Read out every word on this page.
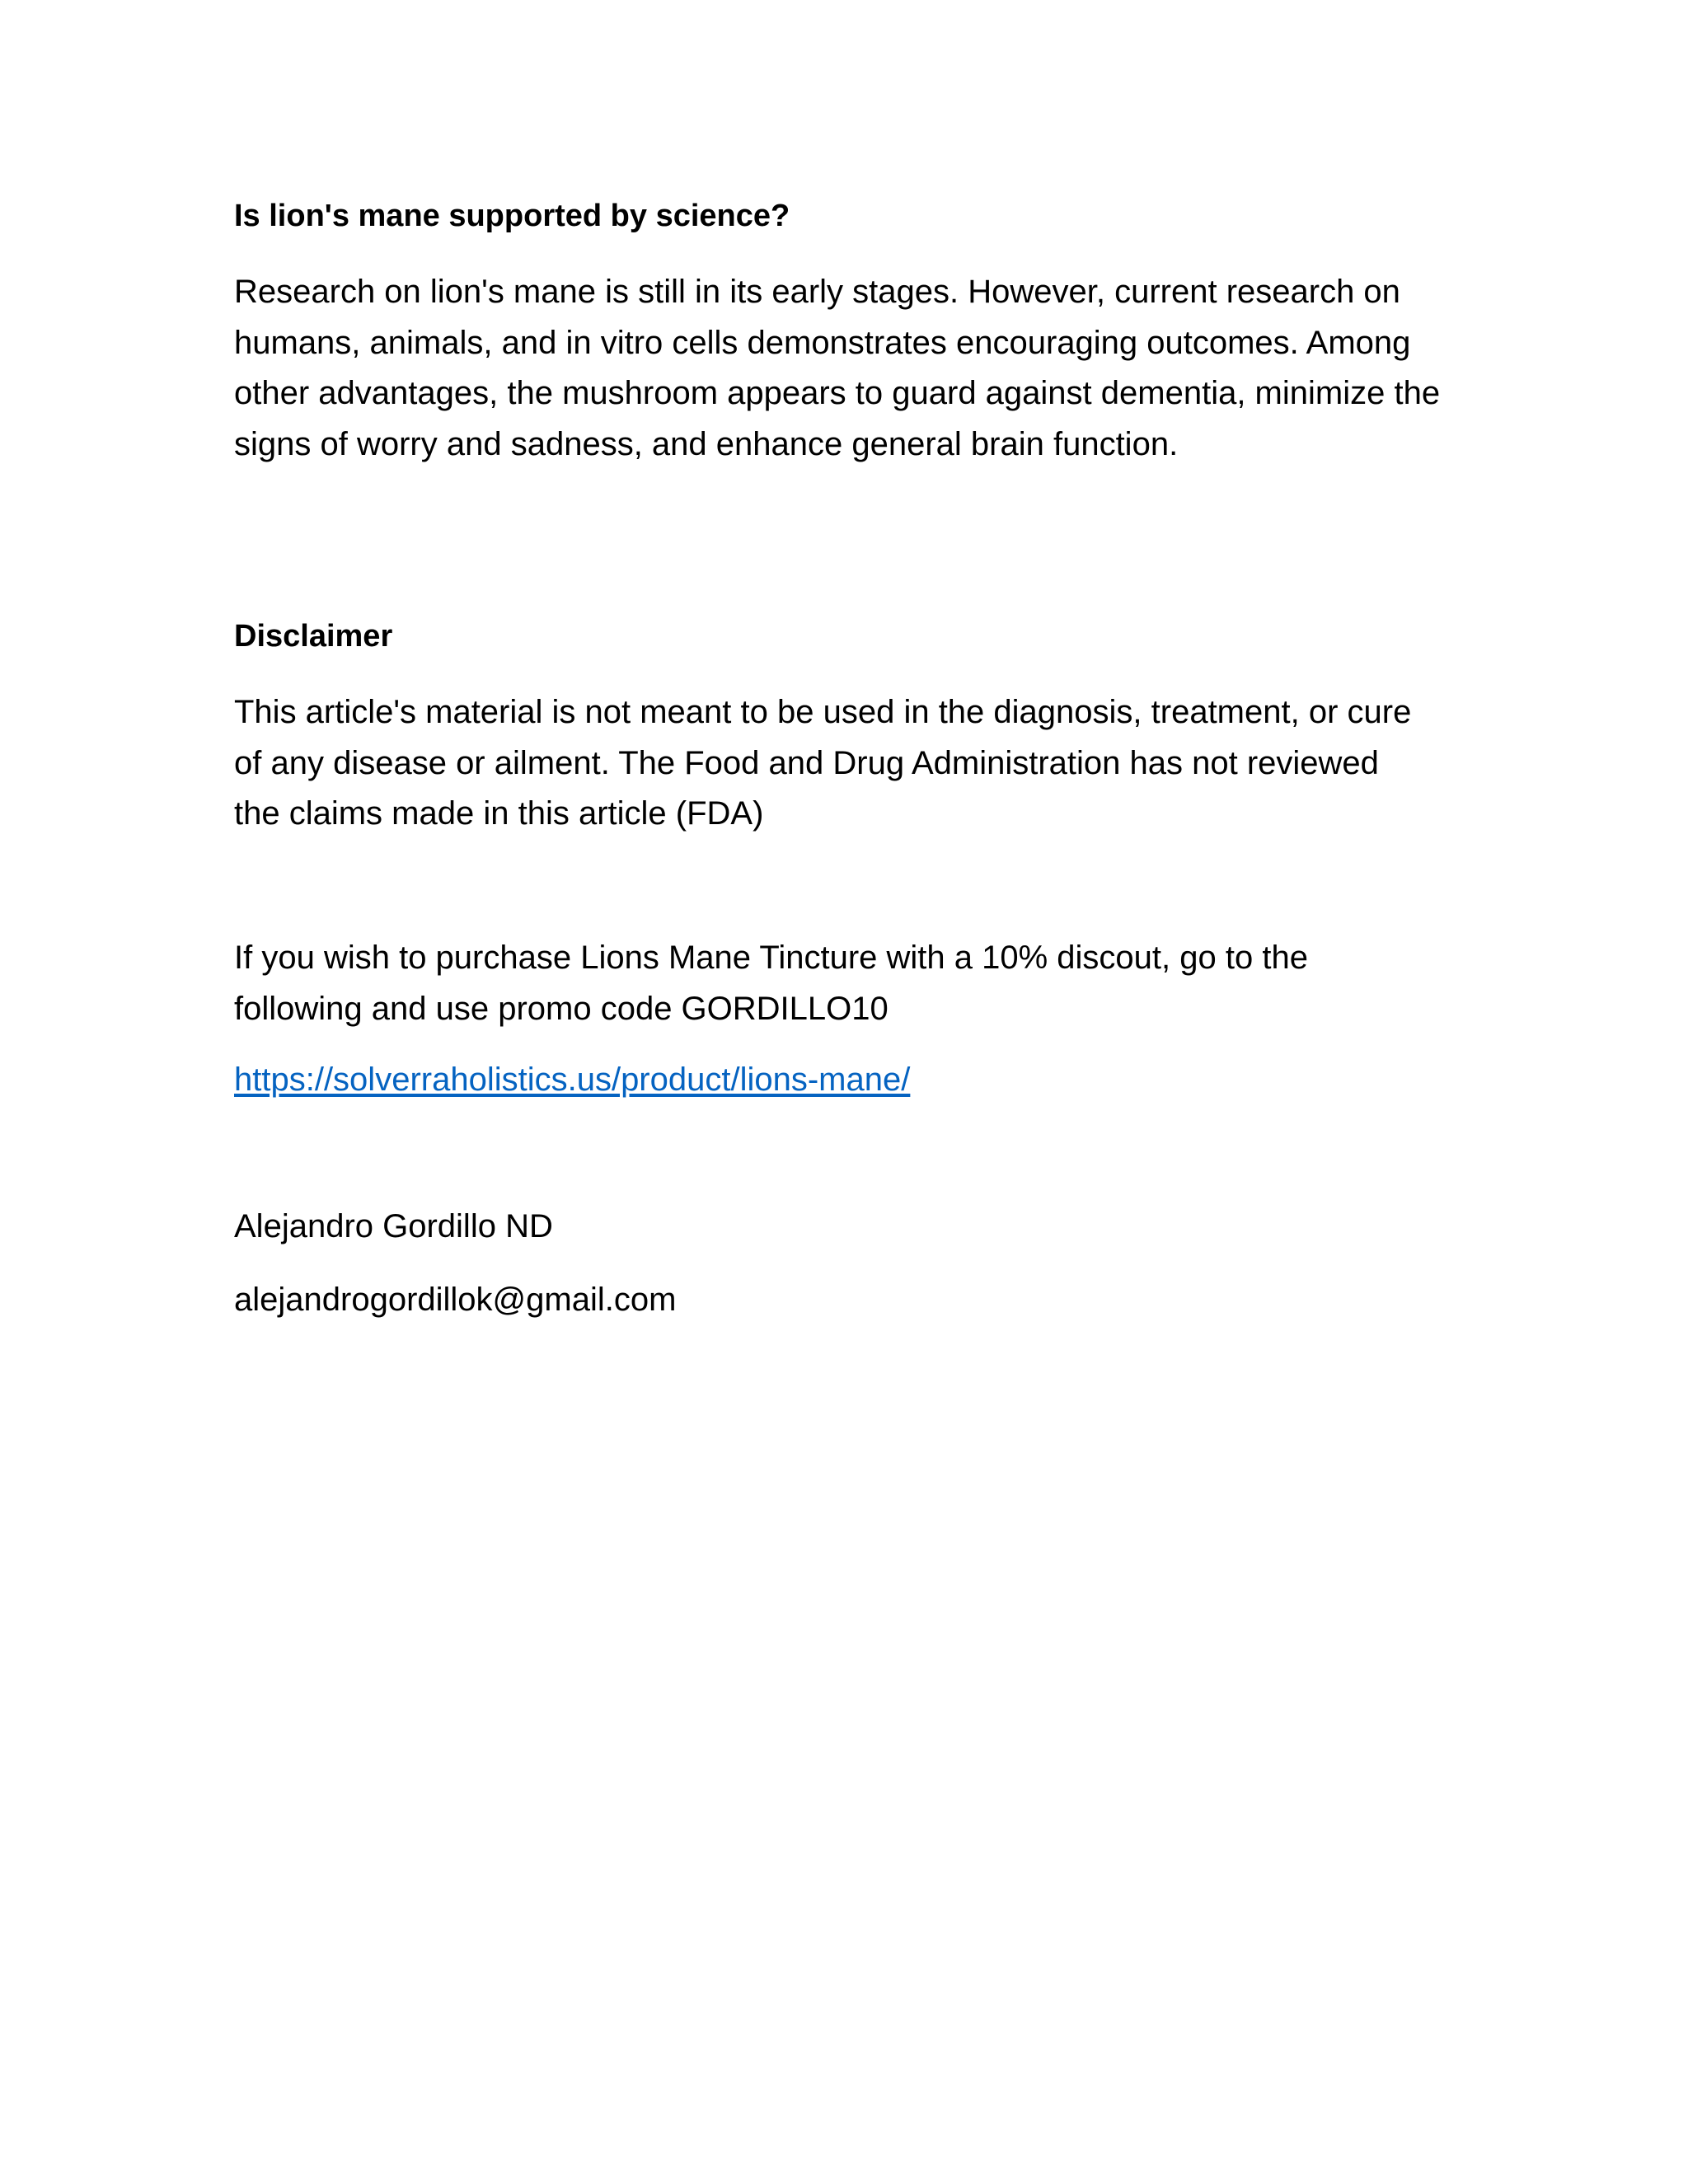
Is lion's mane supported by science?

Research on lion's mane is still in its early stages. However, current research on humans, animals, and in vitro cells demonstrates encouraging outcomes. Among other advantages, the mushroom appears to guard against dementia, minimize the signs of worry and sadness, and enhance general brain function.

Disclaimer

This article's material is not meant to be used in the diagnosis, treatment, or cure of any disease or ailment. The Food and Drug Administration has not reviewed the claims made in this article (FDA)

If you wish to purchase Lions Mane Tincture with a 10% discout, go to the following and use promo code GORDILLO10

https://solverraholistics.us/product/lions-mane/

Alejandro Gordillo ND

alejandrogordillok@gmail.com
